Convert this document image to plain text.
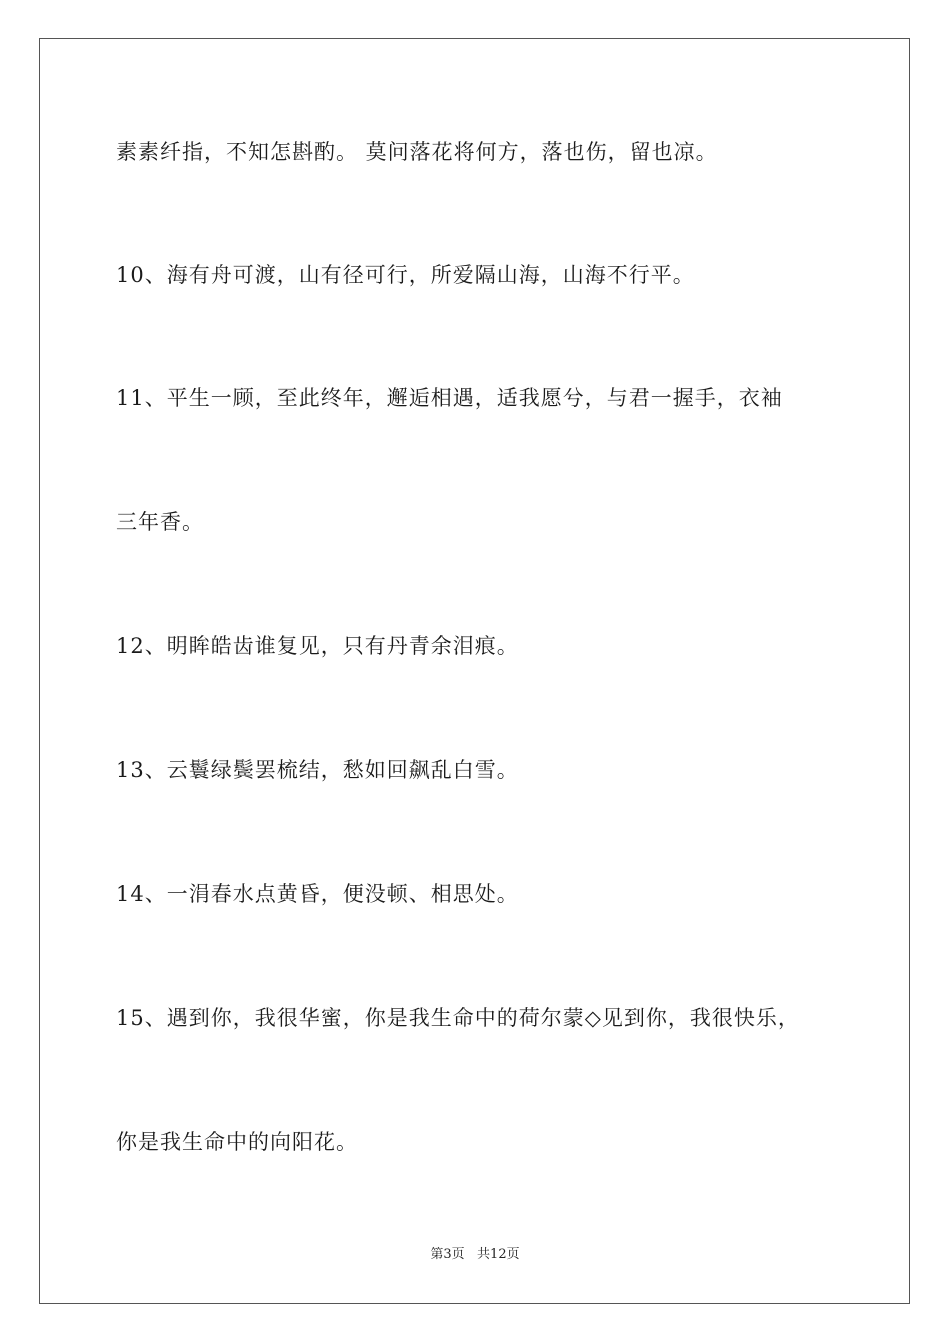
素素纤指，不知怎斟酌。 莫问落花将何方，落也伤，留也凉。
10、海有舟可渡，山有径可行，所爱隔山海，山海不行平。
11、平生一顾，至此终年，邂逅相遇，适我愿兮，与君一握手，衣袖
三年香。
12、明眸皓齿谁复见，只有丹青余泪痕。
13、云鬟绿鬓罢梳结，愁如回飙乱白雪。
14、一涓春水点黄昏，便没顿、相思处。
15、遇到你，我很华蜜，你是我生命中的荷尔蒙◇见到你，我很快乐，
你是我生命中的向阳花。
第3页   共12页
